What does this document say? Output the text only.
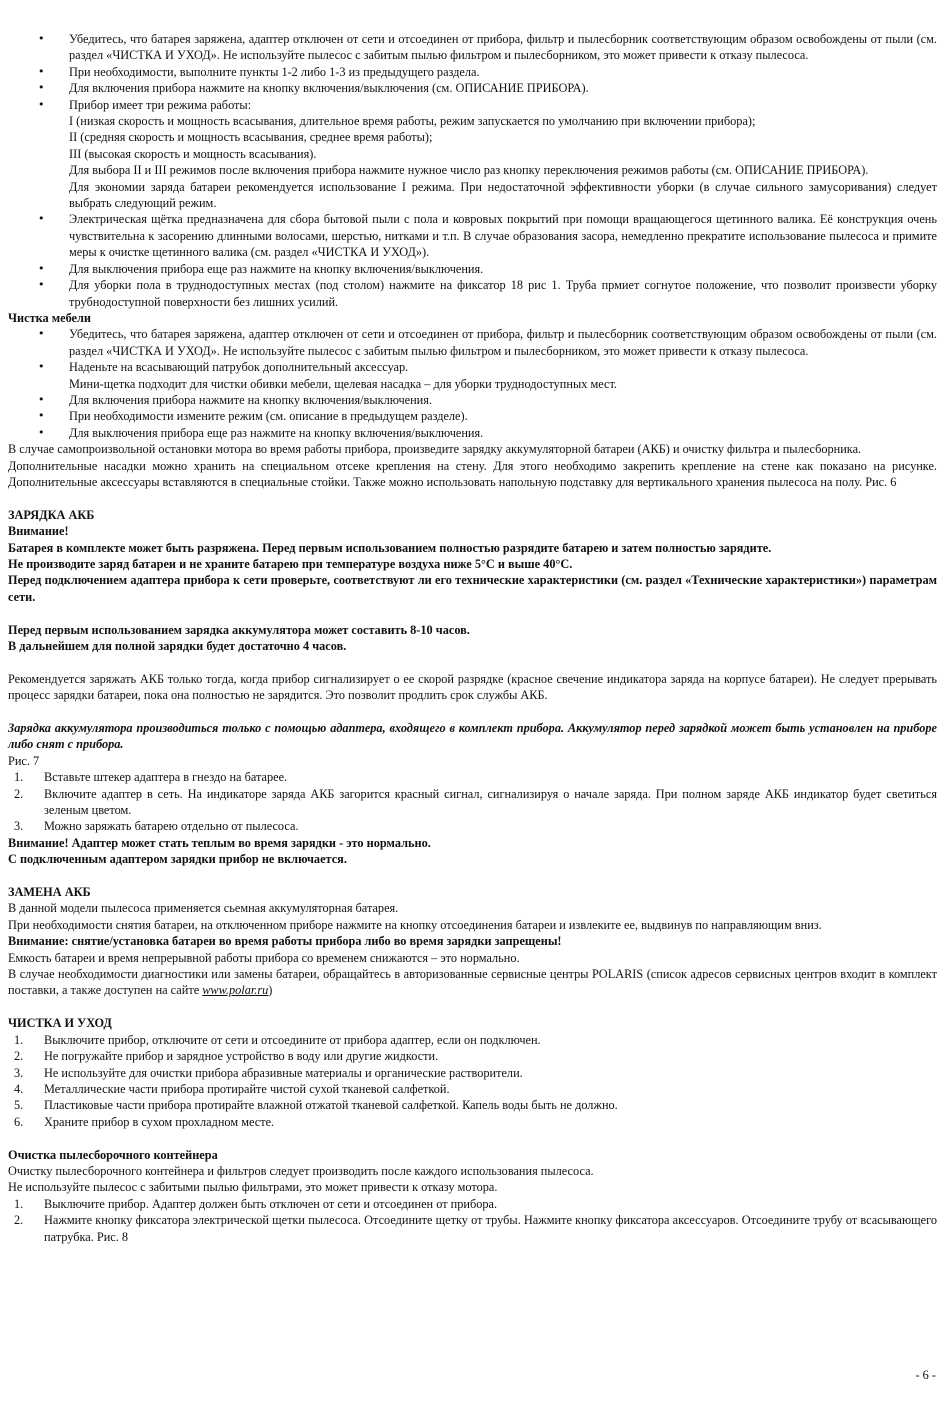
• Убедитесь, что батарея заряжена, адаптер отключен от сети и отсоединен от прибора, фильтр и пылесборник соответствующим образом освобождены от пыли (см. раздел «ЧИСТКА И УХОД». Не используйте пылесос с забитым пылью фильтром и пылесборником, это может привести к отказу пылесоса.
• При необходимости, выполните пункты 1-2 либо 1-3 из предыдущего раздела.
• Для включения прибора нажмите на кнопку включения/выключения (см. ОПИСАНИЕ ПРИБОРА).
• Прибор имеет три режима работы:
I (низкая скорость и мощность всасывания, длительное время работы, режим запускается по умолчанию при включении прибора);
II (средняя скорость и мощность всасывания, среднее время работы);
III (высокая скорость и мощность всасывания).
Для выбора II и III режимов после включения прибора нажмите нужное число раз кнопку переключения режимов работы (см. ОПИСАНИЕ ПРИБОРА).
Для экономии заряда батареи рекомендуется использование I режима. При недостаточной эффективности уборки (в случае сильного замусоривания) следует выбрать следующий режим.
• Электрическая щётка предназначена для сбора бытовой пыли с пола и ковровых покрытий при помощи вращающегося щетинного валика. Её конструкция очень чувствительна к засорению длинными волосами, шерстью, нитками и т.п. В случае образования засора, немедленно прекратите использование пылесоса и примите меры к очистке щетинного валика (см. раздел «ЧИСТКА И УХОД»).
• Для выключения прибора еще раз нажмите на кнопку включения/выключения.
• Для уборки пола в труднодоступных местах (под столом) нажмите на фиксатор 18 рис 1. Труба прмиет согнутое положение, что позволит произвести уборку трубнодоступной поверхности без лишних усилий.

Чистка мебели

• Убедитесь, что батарея заряжена, адаптер отключен от сети и отсоединен от прибора, фильтр и пылесборник соответствующим образом освобождены от пыли (см. раздел «ЧИСТКА И УХОД». Не используйте пылесос с забитым пылью фильтром и пылесборником, это может привести к отказу пылесоса.
• Наденьте на всасывающий патрубок дополнительный аксессуар.
Мини-щетка подходит для чистки обивки мебели, щелевая насадка – для уборки труднодоступных мест.
• Для включения прибора нажмите на кнопку включения/выключения.
• При необходимости измените режим (см. описание в предыдущем разделе).
• Для выключения прибора еще раз нажмите на кнопку включения/выключения.

В случае самопроизвольной остановки мотора во время работы прибора, произведите зарядку аккумуляторной батареи (АКБ) и очистку фильтра и пылесборника.

Дополнительные насадки можно хранить на специальном отсеке крепления на стену. Для этого необходимо закрепить крепление на стене как показано на рисунке. Дополнительные аксессуары вставляются в специальные стойки. Также можно использовать напольную подставку для вертикального хранения пылесоса на полу. Рис. 6

ЗАРЯДКА АКБ

Внимание!

Батарея в комплекте может быть разряжена. Перед первым использованием полностью разрядите батарею и затем полностью зарядите.

Не производите заряд батареи и не храните батарею при температуре воздуха ниже 5°С и выше 40°С.

Перед подключением адаптера прибора к сети проверьте, соответствуют ли его технические характеристики (см. раздел «Технические характеристики») параметрам сети.

Перед первым использованием зарядка аккумулятора может составить 8-10 часов.

В дальнейшем для полной зарядки будет достаточно 4 часов.

Рекомендуется заряжать АКБ только тогда, когда прибор сигнализирует о ее скорой разрядке (красное свечение индикатора заряда на корпусе батареи). Не следует прерывать процесс зарядки батареи, пока она полностью не зарядится. Это позволит продлить срок службы АКБ.

Зарядка аккумулятора производиться только с помощью адаптера, входящего в комплект прибора. Аккумулятор перед зарядкой может быть установлен на приборе либо снят с прибора.

Рис. 7

1. Вставьте штекер адаптера в гнездо на батарее.
2. Включите адаптер в сеть. На индикаторе заряда АКБ загорится красный сигнал, сигнализируя о начале заряда. При полном заряде АКБ индикатор будет светиться зеленым цветом.
3. Можно заряжать батарею отдельно от пылесоса.

Внимание! Адаптер может стать теплым во время зарядки - это нормально.

С подключенным адаптером зарядки прибор не включается.

ЗАМЕНА АКБ

В данной модели пылесоса применяется сьемная аккумуляторная батарея.

При необходимости снятия батареи, на отключенном приборе нажмите на кнопку отсоединения батареи и извлеките ее, выдвинув по направляющим вниз.

Внимание: снятие/установка батареи во время работы прибора либо во время зарядки запрещены!

Емкость батареи и время непрерывной работы прибора со временем снижаются – это нормально.

В случае необходимости диагностики или замены батареи, обращайтесь в авторизованные сервисные центры POLARIS (список адресов сервисных центров входит в комплект поставки, а также доступен на сайте www.polar.ru)

ЧИСТКА И УХОД

1. Выключите прибор, отключите от сети и отсоедините от прибора адаптер, если он подключен.
2. Не погружайте прибор и зарядное устройство в воду или другие жидкости.
3. Не используйте для очистки прибора абразивные материалы и органические растворители.
4. Металлические части прибора протирайте чистой сухой тканевой салфеткой.
5. Пластиковые части прибора протирайте влажной отжатой тканевой салфеткой. Капель воды быть не должно.
6. Храните прибор в сухом прохладном месте.

Очистка пылесборочного контейнера

Очистку пылесборочного контейнера и фильтров следует производить после каждого использования пылесоса.

Не используйте пылесос с забитыми пылью фильтрами, это может привести к отказу мотора.

1. Выключите прибор. Адаптер должен быть отключен от сети и отсоединен от прибора.
2. Нажмите кнопку фиксатора электрической щетки пылесоса. Отсоедините щетку от трубы. Нажмите кнопку фиксатора аксессуаров. Отсоедините трубу от всасывающего патрубка. Рис. 8
- 6 -
